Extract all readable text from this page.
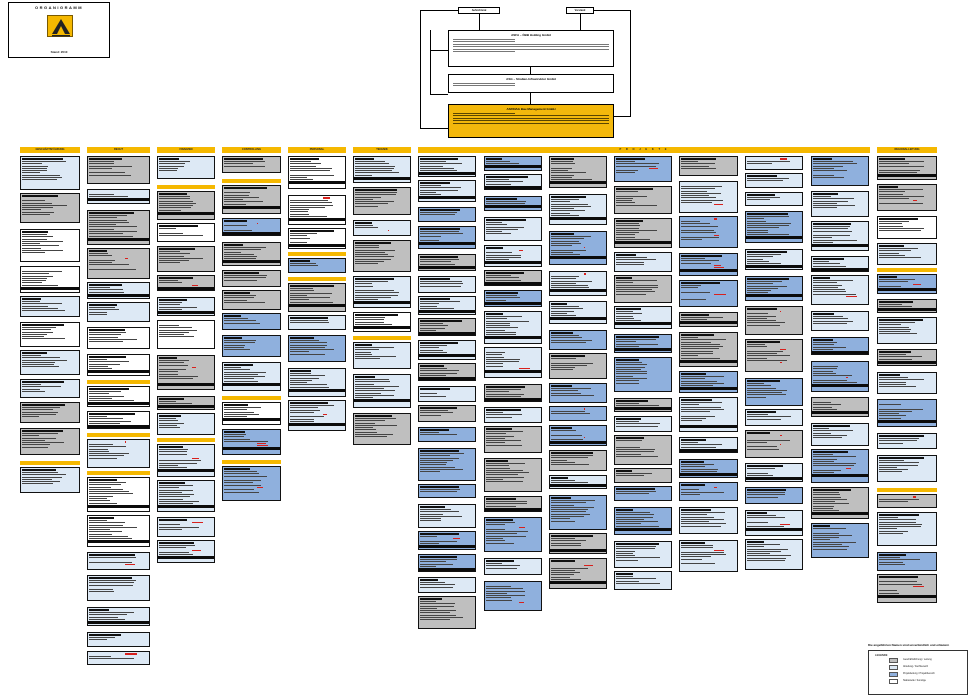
ORGANIGRAMM
Stand: 2010
Aufsichtsrat	Vorstand
ASFA – ÖBB Holding GmbH
ASG – Straßen-Infrastruktur GmbH
ASFINAG Bau Management GmbH
GESCHÄFTSFÜHRUNG	RECHT	FINANZEN	CONTROLLING	PERSONAL	TECHNIK	P R O J E K T E	REGIONALLEITUNG
Die angeführten Namen sind unverbindlich und erläutern
LEGENDE
Geschäftsführung / Leitung
Abteilung / Fachbereich
Projektleitung / Projektbereich
Stabsstelle / Sonstige
